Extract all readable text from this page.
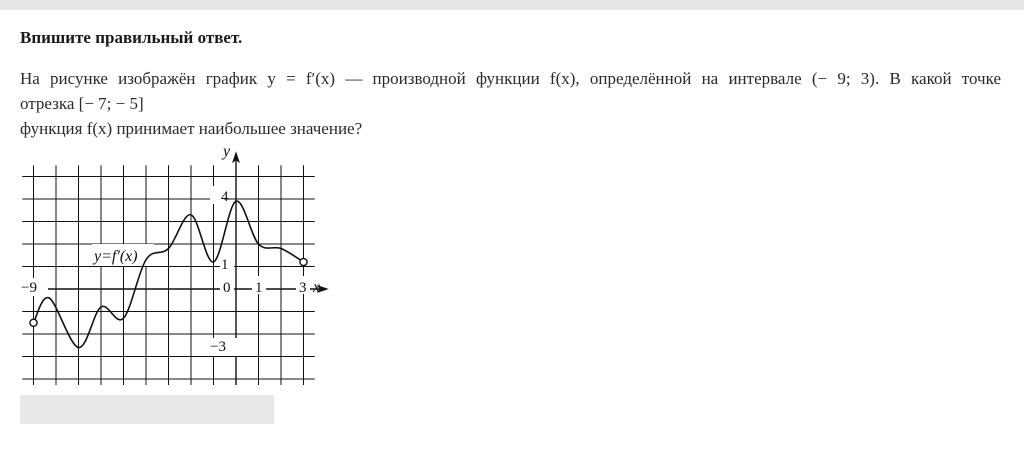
Впишите правильный ответ.
На рисунке изображён график y = f′(x) — производной функции f(x), определённой на интервале (− 9; 3). В какой точке
отрезка [− 7; − 5]
функция f(x) принимает наибольшее значение?
y
x
y=f′(x)
−9	0 1 3
4
1
−3
